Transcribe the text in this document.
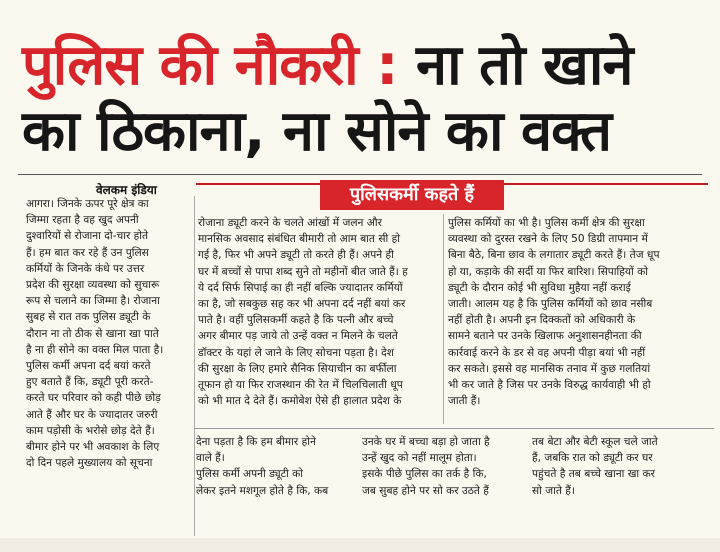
पुलिस की नौकरी : ना तो खाने
का ठिकाना, ना सोने का वक्त
वेलकम इंडिया	पुलिसकर्मी कहते हैं
आगरा। जिनके ऊपर पूरे क्षेत्र का
जिम्मा रहता है वह खुद अपनी
दुश्वारियों से रोजाना दो-चार होते
हैं। हम बात कर रहे हैं उन पुलिस
कर्मियों के जिनके कंधे पर उत्तर
प्रदेश की सुरक्षा व्यवस्था को सुचारू
रूप से चलाने का जिम्मा है। रोजाना
सुबह से रात तक पुलिस ड्यूटी के
दौरान ना तो ठीक से खाना खा पाते
है ना ही सोने का वक्त मिल पाता है।
पुलिस कर्मी अपना दर्द बयां करते
हुए बताते हैं कि, ड्यूटी पूरी करते-
करते घर परिवार को कही पीछे छोड़
आते हैं और घर के ज्यादातर जरुरी
काम पड़ोसी के भरोसे छोड़ देते हैं।
बीमार होने पर भी अवकाश के लिए
दो दिन पहले मुख्यालय को सूचना
रोजाना ड्यूटी करने के चलते आंखों में जलन और
मानसिक अवसाद संबंधित बीमारी तो आम बात सी हो
गई है, फिर भी अपने ड्यूटी तो करते ही हैं। अपने ही
घर में बच्चों से पापा शब्द सुने तो महीनों बीत जाते हैं। ह
ये दर्द सिर्फ सिपाई का ही नहीं बल्कि ज्यादातर कर्मियों
का है, जो सबकुछ सह कर भी अपना दर्द नहीं बयां कर
पाते है। वहीं पुलिसकर्मी कहते है कि पत्नी और बच्चे
अगर बीमार पड़ जाये तो उन्हें वक्त न मिलने के चलते
डॉक्टर के यहां ले जाने के लिए सोचना पड़ता है। देश
की सुरक्षा के लिए हमारे सैनिक सियाचीन का बर्फीला
तूफान हो या फिर राजस्थान की रेत में चिलचिलाती धूप
को भी मात दे देते हैं। कमोबेश ऐसे ही हालात प्रदेश के
पुलिस कर्मियों का भी है। पुलिस कर्मी क्षेत्र की सुरक्षा
व्यवस्था को दुरस्त रखने के लिए 50 डिग्री तापमान में
बिना बैठे, बिना छाव के लगातार ड्यूटी करते हैं। तेज धूप
हो या, कड़ाके की सर्दी या फिर बारिश। सिपाहियों को
ड्यूटी के दौरान कोई भी सुविधा मुहैया नहीं कराई
जाती। आलम यह है कि पुलिस कर्मियों को छाव नसीब
नहीं होती है। अपनी इन दिक्कतों को अधिकारी के
सामने बताने पर उनके खिलाफ अनुशासनहीनता की
कार्रवाई करने के डर से वह अपनी पीड़ा बयां भी नहीं
कर सकते। इससे वह मानसिक तनाव में कुछ गलतियां
भी कर जाते है जिस पर उनके विरुद्ध कार्यवाही भी हो
जाती हैं।
देना पड़ता है कि हम बीमार होने
वाले हैं।
पुलिस कर्मी अपनी ड्यूटी को
लेकर इतने मशगूल होते है कि, कब
उनके घर में बच्चा बड़ा हो जाता है
उन्हें खुद को नहीं मालूम होता।
इसके पीछे पुलिस का तर्क है कि,
जब सुबह होने पर सो कर उठते हैं
तब बेटा और बेटी स्कूल चले जाते
हैं, जबकि रात को ड्यूटी कर घर
पहुंचते है तब बच्चे खाना खा कर
सो जाते हैं।
